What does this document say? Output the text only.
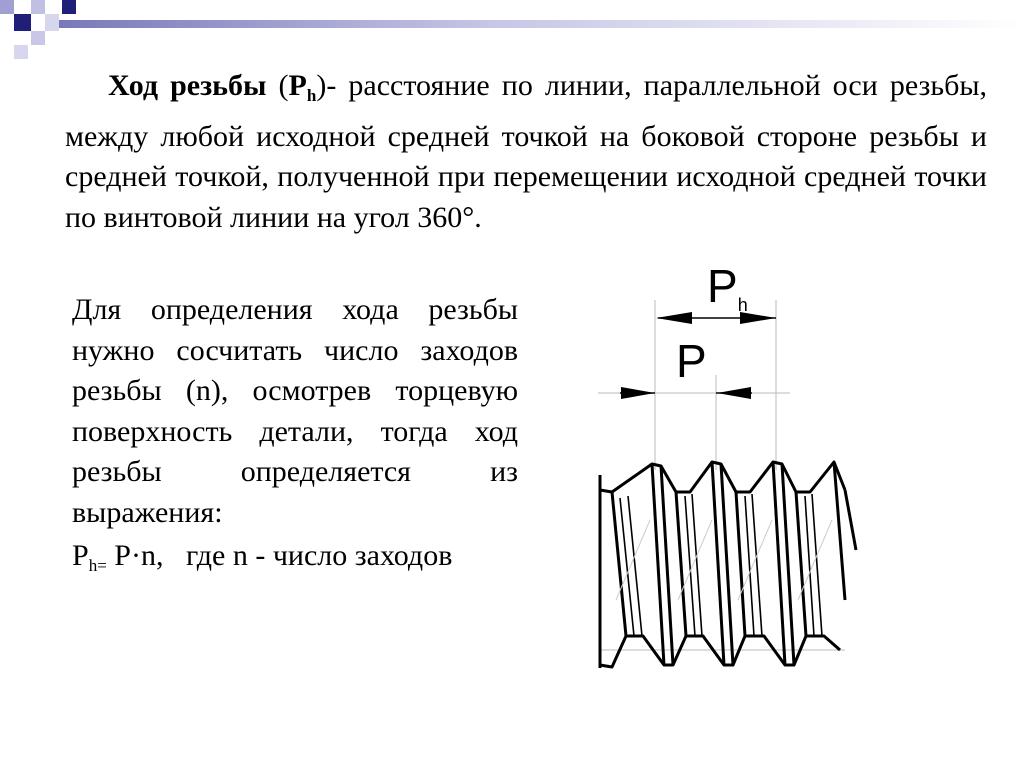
Ход резьбы $(P_h)-$ расстояние по линии, параллельной оси резьбы, между любой исходной средней точкой на боковой стороне резьбы и средней точкой, полученной при перемещении исходной средней точки по винтовой линии на угол 360°.
Для определения хода резьбы нужно сосчитать число заходов резьбы (n), осмотрев торцевую поверхность детали, тогда ход резьбы определяется из выражения:
$P_{h=}$ P·n, где n - число заходов
Ph
P
